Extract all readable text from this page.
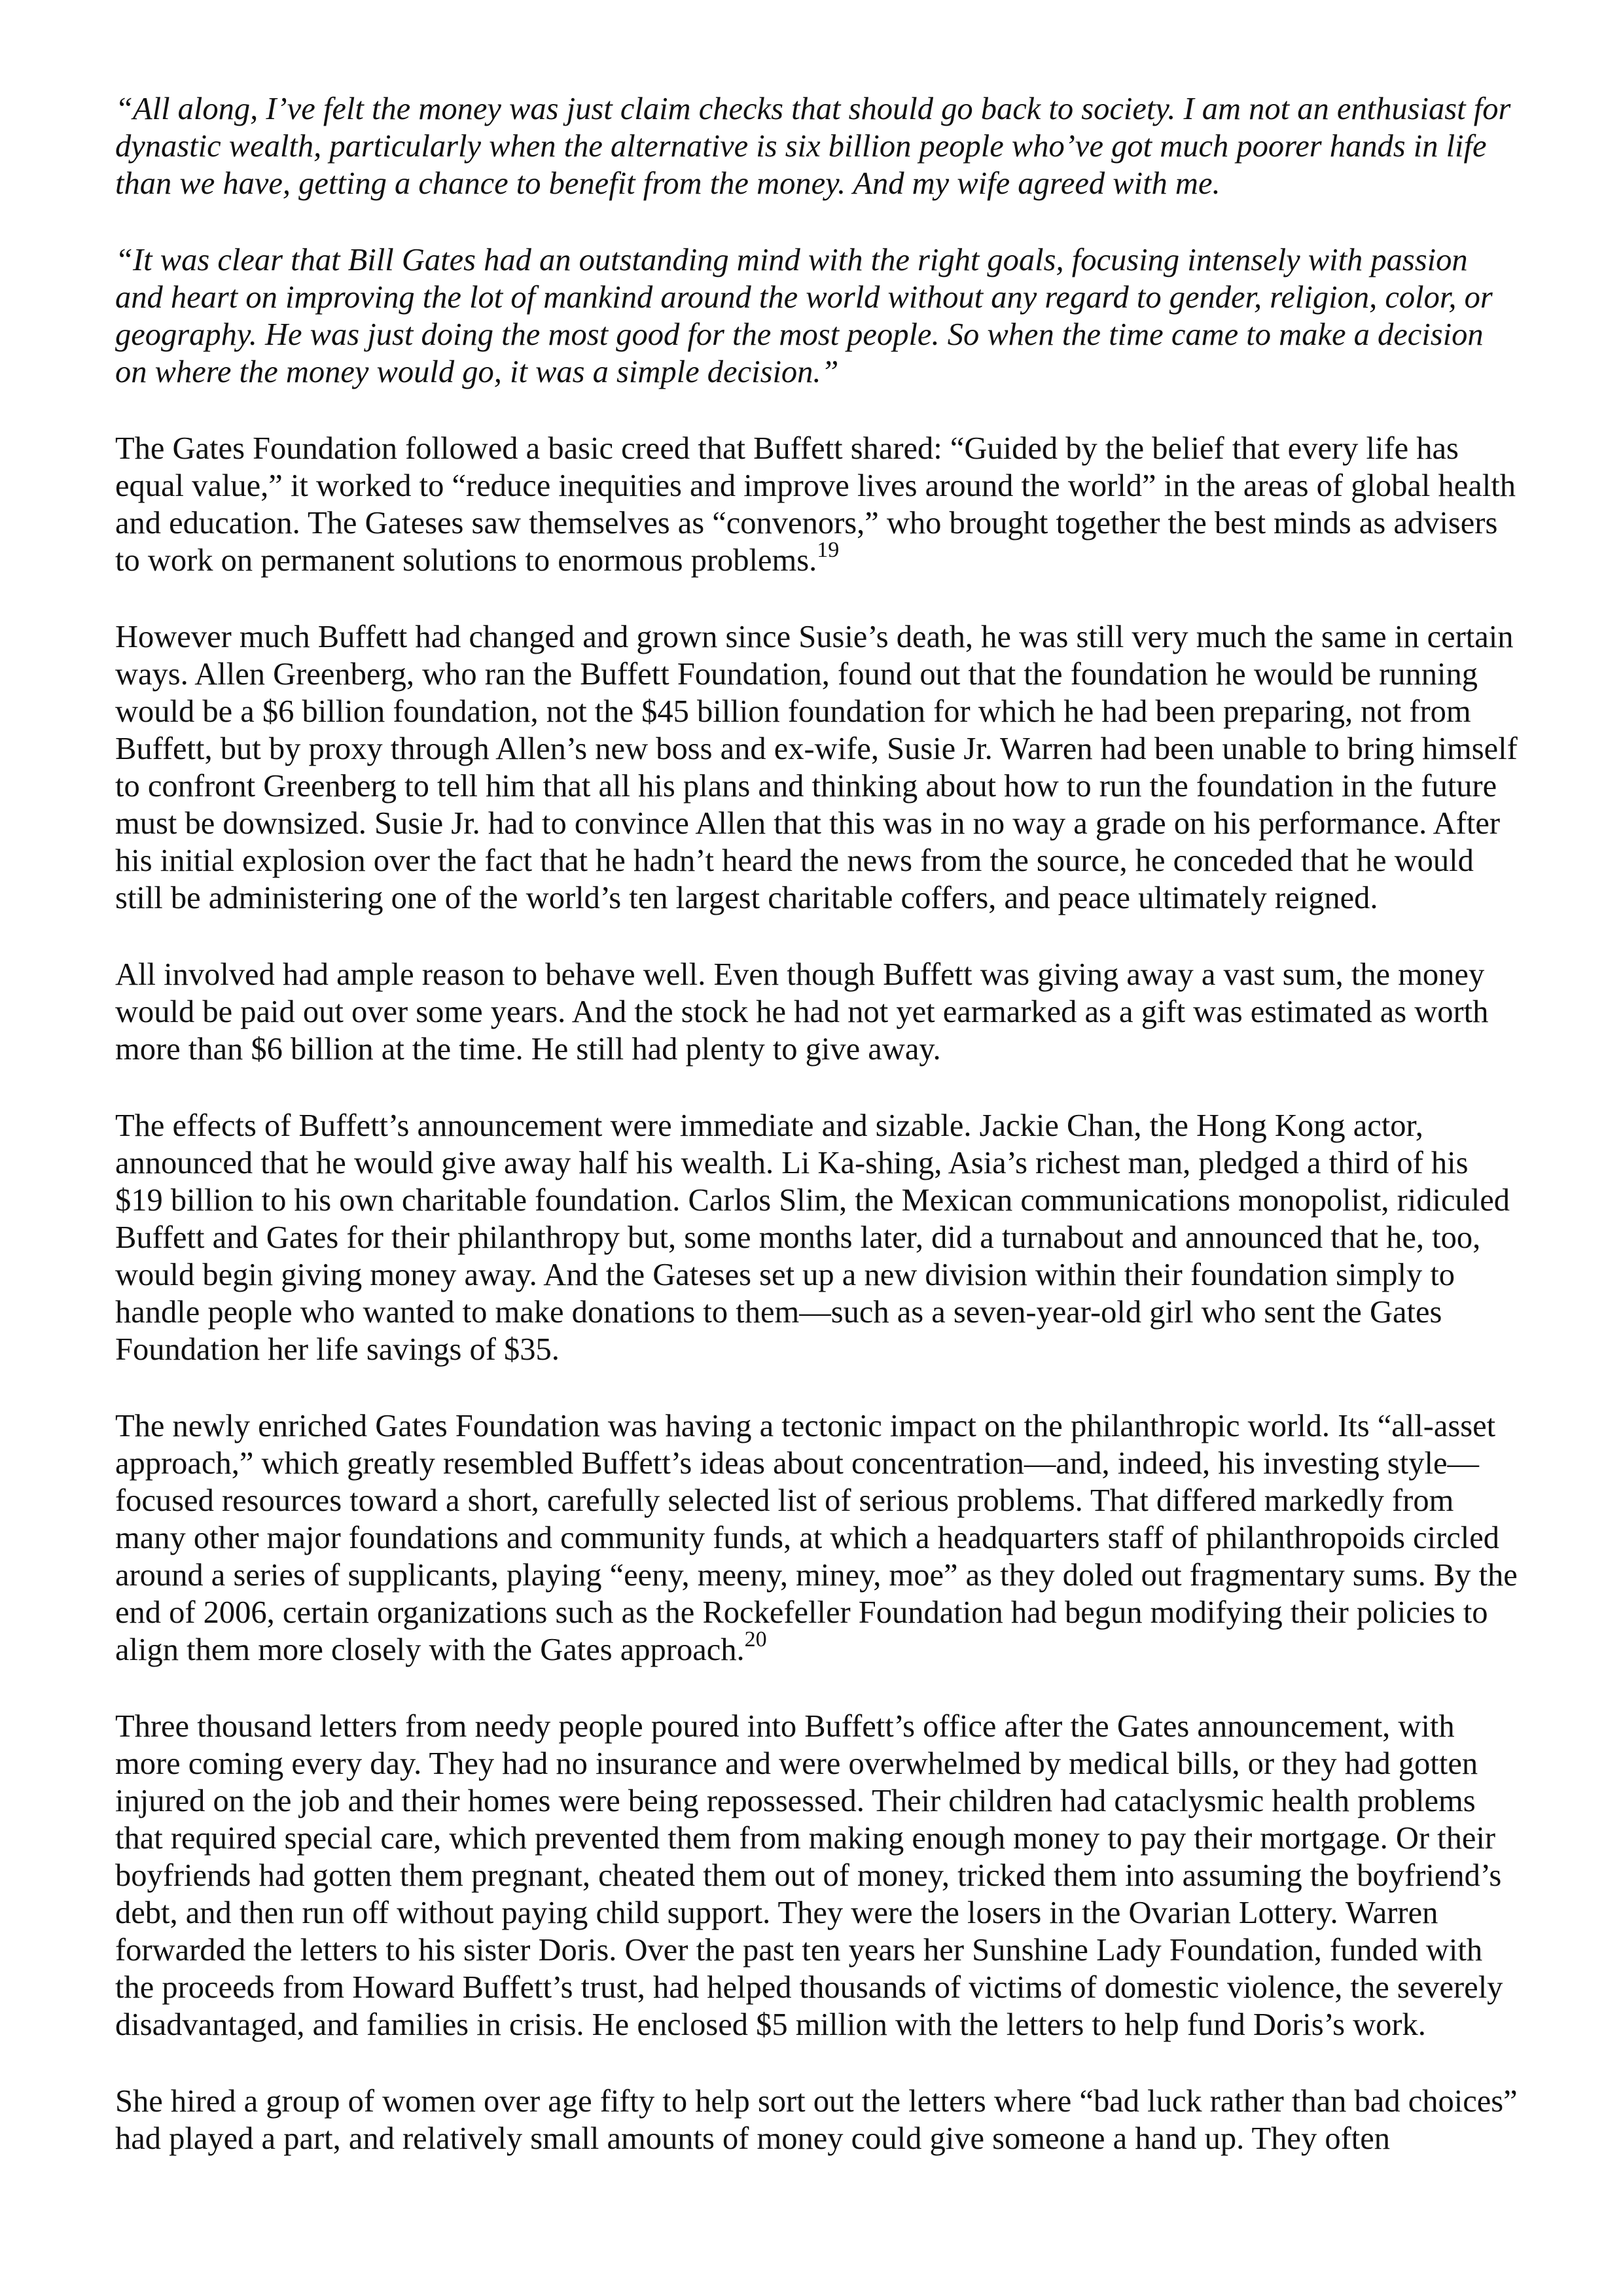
“All along, I’ve felt the money was just claim checks that should go back to society. I am not an enthusiast for dynastic wealth, particularly when the alternative is six billion people who’ve got much poorer hands in life than we have, getting a chance to benefit from the money. And my wife agreed with me.

“It was clear that Bill Gates had an outstanding mind with the right goals, focusing intensely with passion and heart on improving the lot of mankind around the world without any regard to gender, religion, color, or geography. He was just doing the most good for the most people. So when the time came to make a decision on where the money would go, it was a simple decision.”

The Gates Foundation followed a basic creed that Buffett shared: “Guided by the belief that every life has equal value,” it worked to “reduce inequities and improve lives around the world” in the areas of global health and education. The Gateses saw themselves as “convenors,” who brought together the best minds as advisers to work on permanent solutions to enormous problems.$^{19}$

However much Buffett had changed and grown since Susie’s death, he was still very much the same in certain ways. Allen Greenberg, who ran the Buffett Foundation, found out that the foundation he would be running would be a $6 billion foundation, not the $45 billion foundation for which he had been preparing, not from Buffett, but by proxy through Allen’s new boss and ex-wife, Susie Jr. Warren had been unable to bring himself to confront Greenberg to tell him that all his plans and thinking about how to run the foundation in the future must be downsized. Susie Jr. had to convince Allen that this was in no way a grade on his performance. After his initial explosion over the fact that he hadn’t heard the news from the source, he conceded that he would still be administering one of the world’s ten largest charitable coffers, and peace ultimately reigned.

All involved had ample reason to behave well. Even though Buffett was giving away a vast sum, the money would be paid out over some years. And the stock he had not yet earmarked as a gift was estimated as worth more than $6 billion at the time. He still had plenty to give away.

The effects of Buffett’s announcement were immediate and sizable. Jackie Chan, the Hong Kong actor, announced that he would give away half his wealth. Li Ka-shing, Asia’s richest man, pledged a third of his $19 billion to his own charitable foundation. Carlos Slim, the Mexican communications monopolist, ridiculed Buffett and Gates for their philanthropy but, some months later, did a turnabout and announced that he, too, would begin giving money away. And the Gateses set up a new division within their foundation simply to handle people who wanted to make donations to them—such as a seven-year-old girl who sent the Gates Foundation her life savings of $35.

The newly enriched Gates Foundation was having a tectonic impact on the philanthropic world. Its “all-asset approach,” which greatly resembled Buffett’s ideas about concentration—and, indeed, his investing style—focused resources toward a short, carefully selected list of serious problems. That differed markedly from many other major foundations and community funds, at which a headquarters staff of philanthropoids circled around a series of supplicants, playing “eeny, meeny, miney, moe” as they doled out fragmentary sums. By the end of 2006, certain organizations such as the Rockefeller Foundation had begun modifying their policies to align them more closely with the Gates approach.$^{20}$

Three thousand letters from needy people poured into Buffett’s office after the Gates announcement, with more coming every day. They had no insurance and were overwhelmed by medical bills, or they had gotten injured on the job and their homes were being repossessed. Their children had cataclysmic health problems that required special care, which prevented them from making enough money to pay their mortgage. Or their boyfriends had gotten them pregnant, cheated them out of money, tricked them into assuming the boyfriend’s debt, and then run off without paying child support. They were the losers in the Ovarian Lottery. Warren forwarded the letters to his sister Doris. Over the past ten years her Sunshine Lady Foundation, funded with the proceeds from Howard Buffett’s trust, had helped thousands of victims of domestic violence, the severely disadvantaged, and families in crisis. He enclosed $5 million with the letters to help fund Doris’s work.

She hired a group of women over age fifty to help sort out the letters where “bad luck rather than bad choices” had played a part, and relatively small amounts of money could give someone a hand up. They often
